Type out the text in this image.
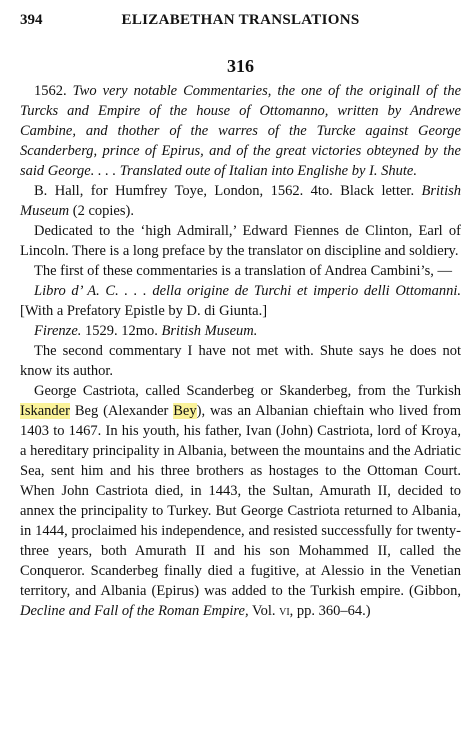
394	ELIZABETHAN TRANSLATIONS
316

1562. Two very notable Commentaries, the one of the originall of the Turcks and Empire of the house of Ottomanno, written by Andrewe Cambine, and thother of the warres of the Turcke against George Scanderberg, prince of Epirus, and of the great victories obteyned by the said George. . . . Translated oute of Italian into Englishe by I. Shute.

B. Hall, for Humfrey Toye, London, 1562. 4to. Black letter. British Museum (2 copies).

Dedicated to the ‘high Admirall,’ Edward Fiennes de Clinton, Earl of Lincoln. There is a long preface by the translator on discipline and soldiery.

The first of these commentaries is a translation of Andrea Cambini’s, —

Libro d’ A. C. . . . della origine de Turchi et imperio delli Ottomanni. [With a Prefatory Epistle by D. di Giunta.]

Firenze. 1529. 12mo. British Museum.

The second commentary I have not met with. Shute says he does not know its author.

George Castriota, called Scanderbeg or Skanderbeg, from the Turkish Iskander Beg (Alexander Bey), was an Albanian chieftain who lived from 1403 to 1467. In his youth, his father, Ivan (John) Castriota, lord of Kroya, a hereditary principality in Albania, between the mountains and the Adriatic Sea, sent him and his three brothers as hostages to the Ottoman Court. When John Castriota died, in 1443, the Sultan, Amurath II, decided to annex the principality to Turkey. But George Castriota returned to Albania, in 1444, proclaimed his independence, and resisted successfully for twenty-three years, both Amurath II and his son Mohammed II, called the Conqueror. Scanderbeg finally died a fugitive, at Alessio in the Venetian territory, and Albania (Epirus) was added to the Turkish empire. (Gibbon, Decline and Fall of the Roman Empire, Vol. vi, pp. 360–64.)
